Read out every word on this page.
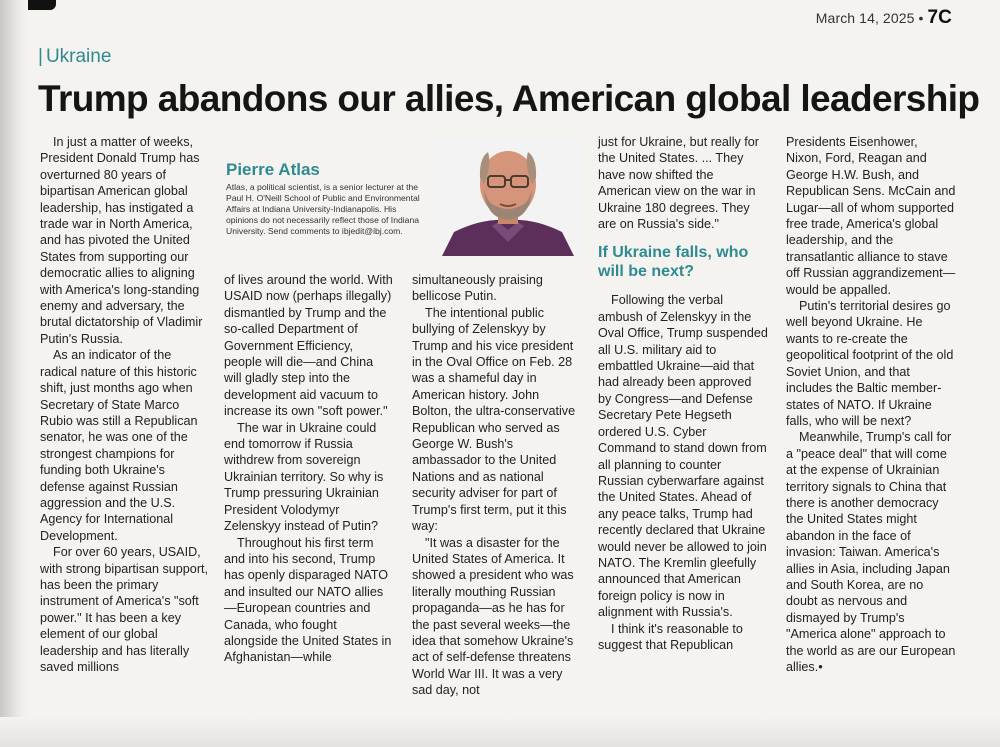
March 14, 2025 • 7C
| Ukraine
Trump abandons our allies, American global leadership

In just a matter of weeks, President Donald Trump has overturned 80 years of bipartisan American global leadership, has instigated a trade war in North America, and has pivoted the United States from supporting our democratic allies to aligning with America's long-standing enemy and adversary, the brutal dictatorship of Vladimir Putin's Russia.

As an indicator of the radical nature of this historic shift, just months ago when Secretary of State Marco Rubio was still a Republican senator, he was one of the strongest champions for funding both Ukraine's defense against Russian aggression and the U.S. Agency for International Development.

For over 60 years, USAID, with strong bipartisan support, has been the primary instrument of America's "soft power." It has been a key element of our global leadership and has literally saved millions

Pierre Atlas
Atlas, a political scientist, is a senior lecturer at the Paul H. O'Neill School of Public and Environmental Affairs at Indiana University-Indianapolis. His opinions do not necessarily reflect those of Indiana University. Send comments to ibjedit@ibj.com.

of lives around the world. With USAID now (perhaps illegally) dismantled by Trump and the so-called Department of Government Efficiency, people will die—and China will gladly step into the development aid vacuum to increase its own "soft power."

The war in Ukraine could end tomorrow if Russia withdrew from sovereign Ukrainian territory. So why is Trump pressuring Ukrainian President Volodymyr Zelenskyy instead of Putin?

Throughout his first term and into his second, Trump has openly disparaged NATO and insulted our NATO allies—European countries and Canada, who fought alongside the United States in Afghanistan—while

simultaneously praising bellicose Putin.

The intentional public bullying of Zelenskyy by Trump and his vice president in the Oval Office on Feb. 28 was a shameful day in American history. John Bolton, the ultra-conservative Republican who served as George W. Bush's ambassador to the United Nations and as national security adviser for part of Trump's first term, put it this way:

"It was a disaster for the United States of America. It showed a president who was literally mouthing Russian propaganda—as he has for the past several weeks—the idea that somehow Ukraine's act of self-defense threatens World War III. It was a very sad day, not

just for Ukraine, but really for the United States. ... They have now shifted the American view on the war in Ukraine 180 degrees. They are on Russia's side."

If Ukraine falls, who will be next?

Following the verbal ambush of Zelenskyy in the Oval Office, Trump suspended all U.S. military aid to embattled Ukraine—aid that had already been approved by Congress—and Defense Secretary Pete Hegseth ordered U.S. Cyber Command to stand down from all planning to counter Russian cyberwarfare against the United States. Ahead of any peace talks, Trump had recently declared that Ukraine would never be allowed to join NATO. The Kremlin gleefully announced that American foreign policy is now in alignment with Russia's.

I think it's reasonable to suggest that Republican

Presidents Eisenhower, Nixon, Ford, Reagan and George H.W. Bush, and Republican Sens. McCain and Lugar—all of whom supported free trade, America's global leadership, and the transatlantic alliance to stave off Russian aggrandizement—would be appalled.

Putin's territorial desires go well beyond Ukraine. He wants to re-create the geopolitical footprint of the old Soviet Union, and that includes the Baltic member-states of NATO. If Ukraine falls, who will be next?

Meanwhile, Trump's call for a "peace deal" that will come at the expense of Ukrainian territory signals to China that there is another democracy the United States might abandon in the face of invasion: Taiwan. America's allies in Asia, including Japan and South Korea, are no doubt as nervous and dismayed by Trump's "America alone" approach to the world as are our European allies.•
